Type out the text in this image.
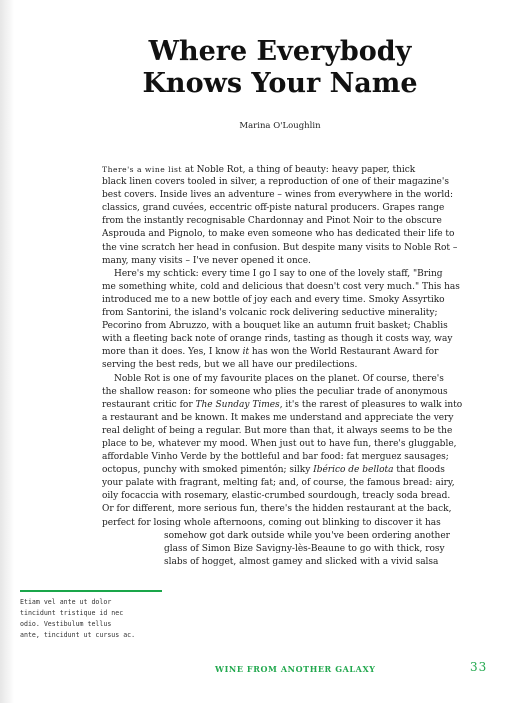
Where Everybody
Knows Your Name
Marina O'Loughlin
There's a wine list at Noble Rot, a thing of beauty: heavy paper, thick
black linen covers tooled in silver, a reproduction of one of their magazine's
best covers. Inside lives an adventure – wines from everywhere in the world:
classics, grand cuvées, eccentric off-piste natural producers. Grapes range
from the instantly recognisable Chardonnay and Pinot Noir to the obscure
Asprouda and Pignolo, to make even someone who has dedicated their life to
the vine scratch her head in confusion. But despite many visits to Noble Rot –
many, many visits – I've never opened it once.
Here's my schtick: every time I go I say to one of the lovely staff, "Bring
me something white, cold and delicious that doesn't cost very much." This has
introduced me to a new bottle of joy each and every time. Smoky Assyrtiko
from Santorini, the island's volcanic rock delivering seductive minerality;
Pecorino from Abruzzo, with a bouquet like an autumn fruit basket; Chablis
with a fleeting back note of orange rinds, tasting as though it costs way, way
more than it does. Yes, I know it has won the World Restaurant Award for
serving the best reds, but we all have our predilections.
Noble Rot is one of my favourite places on the planet. Of course, there's
the shallow reason: for someone who plies the peculiar trade of anonymous
restaurant critic for The Sunday Times, it's the rarest of pleasures to walk into
a restaurant and be known. It makes me understand and appreciate the very
real delight of being a regular. But more than that, it always seems to be the
place to be, whatever my mood. When just out to have fun, there's gluggable,
affordable Vinho Verde by the bottleful and bar food: fat merguez sausages;
octopus, punchy with smoked pimentón; silky Ibérico de bellota that floods
your palate with fragrant, melting fat; and, of course, the famous bread: airy,
oily focaccia with rosemary, elastic-crumbed sourdough, treacly soda bread.
Or for different, more serious fun, there's the hidden restaurant at the back,
perfect for losing whole afternoons, coming out blinking to discover it has
somehow got dark outside while you've been ordering another
glass of Simon Bize Savigny-lès-Beaune to go with thick, rosy
slabs of hogget, almost gamey and slicked with a vivid salsa
Etiam vel ante ut dolor
tincidunt tristique id nec
odio. Vestibulum tellus
ante, tincidunt ut cursus ac.
WINE FROM ANOTHER GALAXY	33
